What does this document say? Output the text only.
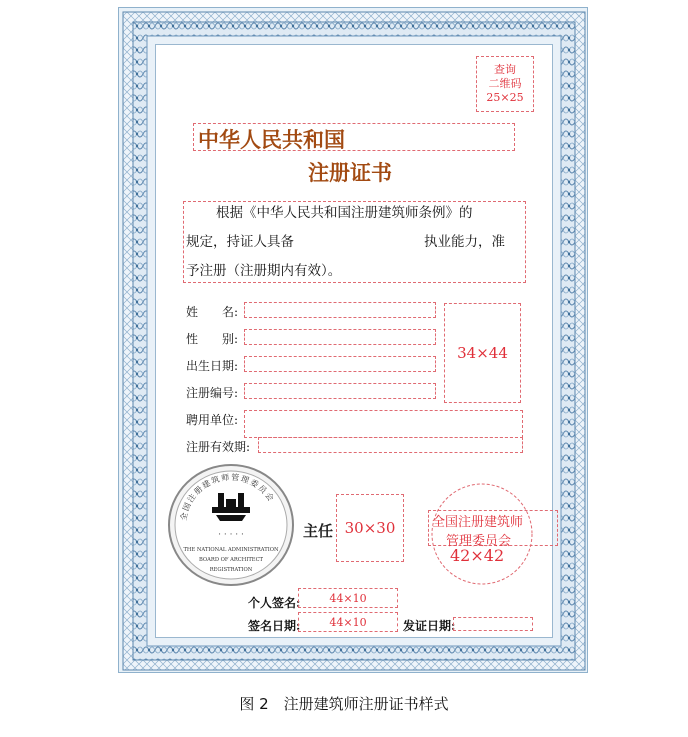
查询
二维码
25×25
中华人民共和国
注册证书
根据《中华人民共和国注册建筑师条例》的
规定，持证人具备	执业能力，准
予注册（注册期内有效）。
姓　　名:
性　　别:
出生日期:
注册编号:
34×44
聘用单位:
注册有效期:
全国注册建筑师管理委员会
· · · · ·
THE NATIONAL ADMINISTRATION
BOARD OF ARCHITECT
REGISTRATION
主任 30×30	全国注册建筑师
管理委员会
42×42
个人签名:	44×10
签名日期:	44×10	发证日期:
图 2　注册建筑师注册证书样式
